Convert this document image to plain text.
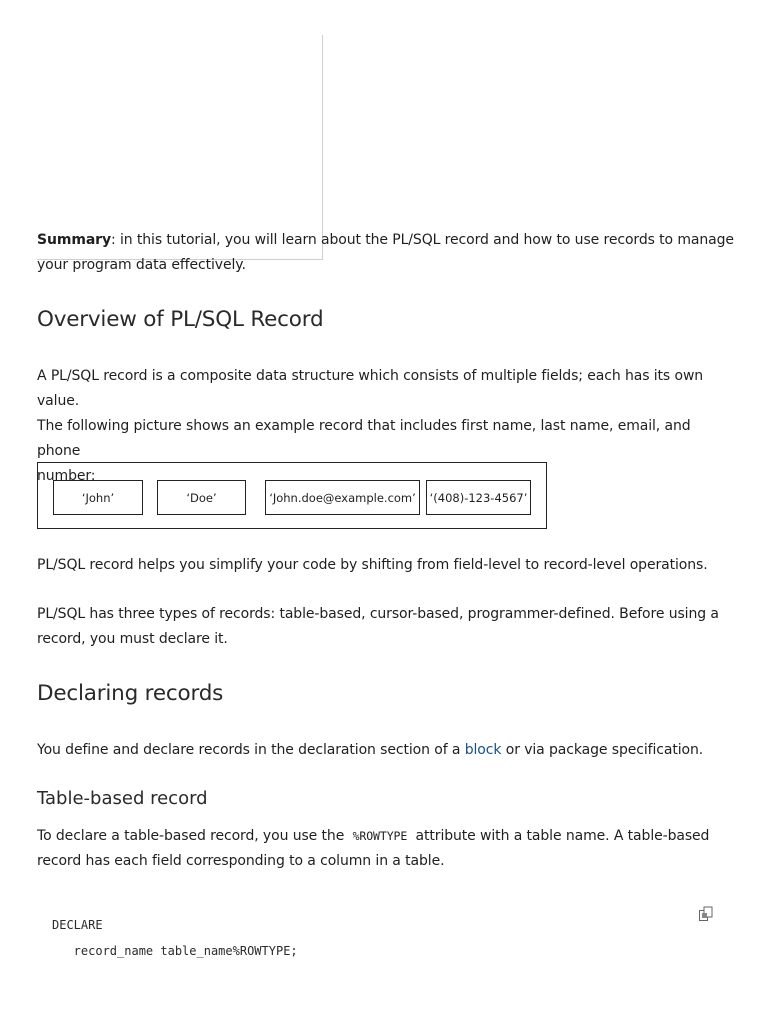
Summary: in this tutorial, you will learn about the PL/SQL record and how to use records to manage
your program data effectively.

Overview of PL/SQL Record

A PL/SQL record is a composite data structure which consists of multiple fields; each has its own value.
The following picture shows an example record that includes first name, last name, email, and phone
number:

‘John’	‘Doe’	‘John.doe@example.com’	‘(408)-123-4567’

PL/SQL record helps you simplify your code by shifting from field-level to record-level operations.

PL/SQL has three types of records: table-based, cursor-based, programmer-defined. Before using a
record, you must declare it.

Declaring records

You define and declare records in the declaration section of a block or via package specification.

Table-based record

To declare a table-based record, you use the %ROWTYPE attribute with a table name. A table-based
record has each field corresponding to a column in a table.

DECLARE
record_name table_name%ROWTYPE;
